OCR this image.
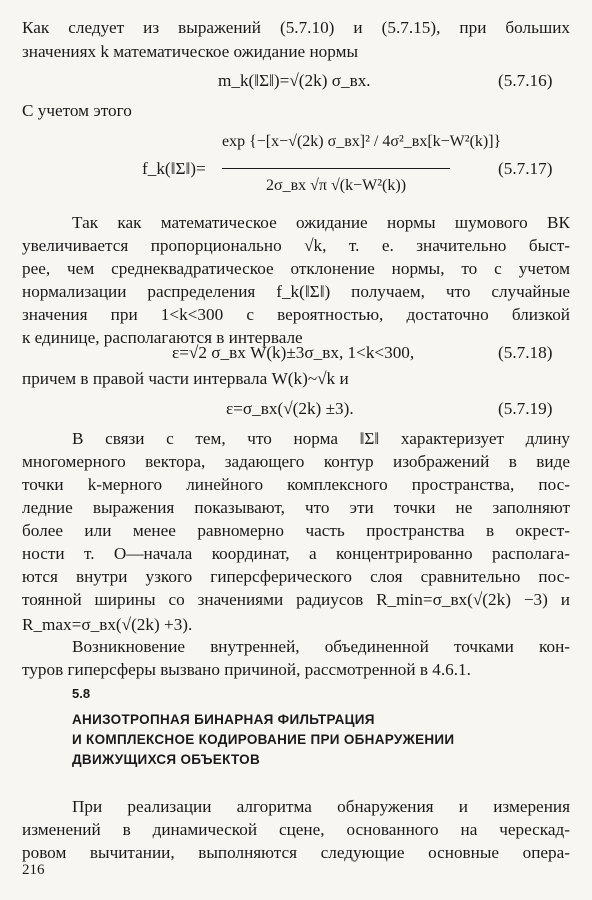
Как следует из выражений (5.7.10) и (5.7.15), при больших
значениях k математическое ожидание нормы
m_k(‖Σ‖)=√(2k) σ_вх.	(5.7.16)
С учетом этого
f_k(‖Σ‖)=
exp {−[x−√(2k) σ_вх]² / 4σ²_вх[k−W²(k)]}
2σ_вх √π √(k−W²(k))
(5.7.17)
Так как математическое ожидание нормы шумового ВК
увеличивается пропорционально √k, т. е. значительно быст-
рее, чем среднеквадратическое отклонение нормы, то с учетом
нормализации распределения f_k(‖Σ‖) получаем, что случайные
значения при 1<k<300 с вероятностью, достаточно близкой
к единице, располагаются в интервале
ε=√2 σ_вх W(k)±3σ_вх, 1<k<300,	(5.7.18)
причем в правой части интервала W(k)~√k и
ε=σ_вх(√(2k) ±3).	(5.7.19)
В связи с тем, что норма ‖Σ‖ характеризует длину
многомерного вектора, задающего контур изображений в виде
точки k-мерного линейного комплексного пространства, пос-
ледние выражения показывают, что эти точки не заполняют
более или менее равномерно часть пространства в окрест-
ности т. O—начала координат, а концентрированно располага-
ются внутри узкого гиперсферического слоя сравнительно пос-
тоянной ширины со значениями радиусов R_min=σ_вх(√(2k) −3) и
R_max=σ_вх(√(2k) +3).
Возникновение внутренней, объединенной точками кон-
туров гиперсферы вызвано причиной, рассмотренной в 4.6.1.
5.8
АНИЗОТРОПНАЯ БИНАРНАЯ ФИЛЬТРАЦИЯ
И КОМПЛЕКСНОЕ КОДИРОВАНИЕ ПРИ ОБНАРУЖЕНИИ
ДВИЖУЩИХСЯ ОБЪЕКТОВ
При реализации алгоритма обнаружения и измерения
изменений в динамической сцене, основанного на черескад-
ровом вычитании, выполняются следующие основные опера-
216
